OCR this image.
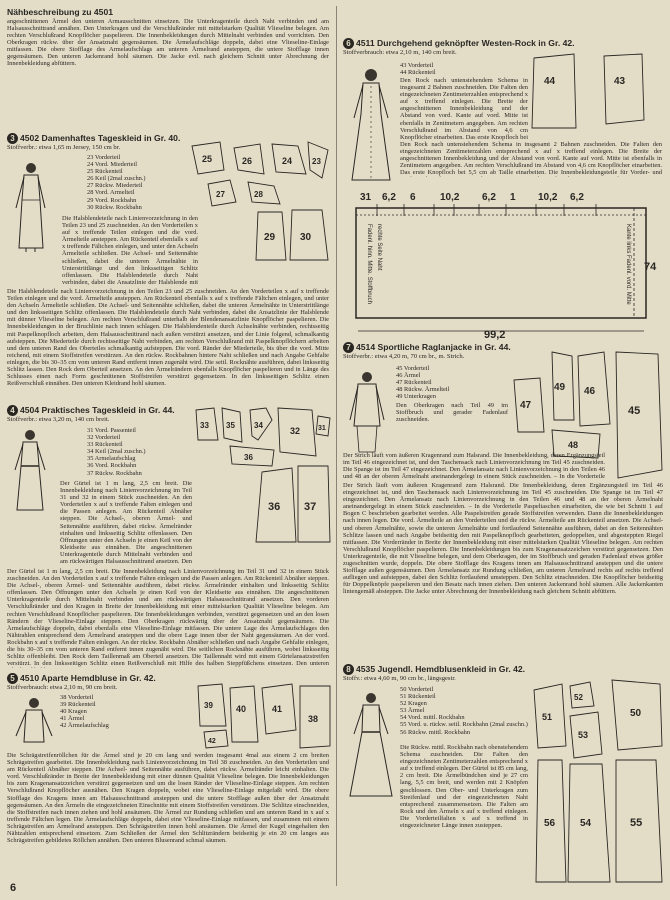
Nähbeschreibung zu 4501

angeschnittenen Ärmel den unteren Armausschnitten einsetzen. Die Unterkragenteile durch Naht verbinden und am Halsausschnittrand annähen. Den Unterkragen und die Verschlußränder mit mittelstarken Qualität Vlieseline belegen. Am rechten Verschlußrand Knopflöcher paspelieren. Die Innenbekleidungen durch Mittelnaht verbinden und vorrichten. Den Oberkragen rückw. über der Ansatznaht gegensäumen. Die Ärmelaufschläge doppeln, dabei eine Vlieseline-Einlage mitfassen. Die obere Stofflage des Armelaufschlags am unteren Ärmelrand ansteppen, die untere Stofflage innen gegensäumen. Den unteren Jackenrand hohl säumen. Die Jacke evtl. nach gleichem Schnitt unter Abrechnung der Innenbekleidung abfüttern.

3 4502 Damenhaftes Tageskleid in Gr. 40.

Stoffverbr.: etwa 1,65 m Jersey, 150 cm br.

23 Vorderteil
24 Vord. Miederteil
25 Rückenteil
26 Keil (2mal zuschn.)
27 Rückw. Miederteil
28 Vord. Armelteil
29 Vord. Rockbahn
30 Rückw. Rockbahn
25	26	24 23
27	28
29 30

Die Halsblendeteile nach Linienvorzeichnung in den Teilen 23 und 25 zuschneiden. An den Vorderteilen x auf x treffende Teilen einlegen und die vord. Ärmelteile ansteppen. Am Rückenteil ebenfalls x auf x treffende Fältchen einlegen, und unter den Achseln Ärmelteile schließen. Die Achsel- und Seitennähte schließen, dabei die unteren Ärmelnähte in Unterstrittlänge und den linksseitigen Schlitz offenlassen. Die Halsblendeteile durch Naht verbinden, dabei die Ansatzlinie der Halsblende mit

Die Halsblendeteile nach Linienvorzeichnung in den Teilen 23 und 25 zuschneiden. An den Vorderteilen x auf x treffende Teilen einlegen und die vord. Ärmelteile ansteppen. Am Rückenteil ebenfalls x auf x treffende Fältchen einlegen, und unter den Achseln Ärmelteile schließen. Die Achsel- und Seitennähte schließen, dabei die unteren Ärmelnähte in Unterstrittlänge und den linksseitigen Schlitz offenlassen. Die Halsblendeteile durch Naht verbinden, dabei die Ansatzlinie der Halsblende mit dünner Vlieseline belegen. Am rechten Verschlußrand unterhalb der Blendenansatzlinie Knopflöcher paspelieren. Die Innenbekleidungen in der Bruchlinie nach innen schlagen. Die Halsblendenteile durch Achselnähte verbinden, rechtsseitig mit Paspelknopfloch arbeiten, dem Halsausschnittrand nach außen verstürzt ansetzen, und der Linie folgend, schmalkantig aufsteppen. Die Miederteile durch rechtsseitige Naht verbinden, am rechten Verschlußrand mit Paspelknopflöchern arbeiten und dem unteren Rand des Oberteiles schmalkantig aufsteppen. Die vord. Ränder der Miederteile, bis über die vord. Mitte reichend, mit einem Stoffstreifen verstürzen. An den rückw. Rockbahnen hintere Naht schließen und nach Angabe Gehfalte einlegen, die bis 30–35 cm vom unteren Rand entfernt innen zugenäht wird. Die seitl. Rocknähte ausführen, dabei linksseitig Schlitz lassen. Den Rock dem Oberteil ansetzen. An den Ärmelrändern ebenfalls Knopflöcher paspelieren und in Länge des Schlusses einen nach Form geschnittenen Stoffstreifen verstürzt gegensetzen. In den linksseitigen Schlitz einen Reißverschluß einnähen. Den unteren Kleidrand hohl säumen.

4 4504 Praktisches Tageskleid in Gr. 44.

Stoffverbr.: etwa 3,20 m, 140 cm breit.

31 Vord. Passenteil
32 Vorderteil
33 Rückenteil
34 Keil (2mal zuschn.)
35 Armelaufschlag
36 Vord. Rockbahn
37 Rückw. Rockbahn
33 35 34
32	31
36
36 37

Der Gürtel ist 1 m lang, 2,5 cm breit. Die Innenbekleidung nach Linienvorzeichnung im Teil 31 und 32 in einem Stück zuschneiden. An den Vorderteilen x auf x treffende Falten einlegen und die Passen anlegen. Am Rückenteil Abnäher steppen. Die Achsel-, oberen Ärmel- und Seitennähte ausführen, dabei rückw. Ärmelränder einhalten und linksseitig Schlitz offenlassen. Den Öffnungen unter den Achseln je einen Keil von der Kleidseite aus einnähen. Die angeschnittenen Unterkragenteile durch Mittelnaht verbinden und am rückwärtigen Halsausschnittrand ansetzen. Den

Der Gürtel ist 1 m lang, 2,5 cm breit. Die Innenbekleidung nach Linienvorzeichnung im Teil 31 und 32 in einem Stück zuschneiden. An den Vorderteilen x auf x treffende Falten einlegen und die Passen anlegen. Am Rückenteil Abnäher steppen. Die Achsel-, oberen Ärmel- und Seitennähte ausführen, dabei rückw. Ärmelränder einhalten und linksseitig Schlitz offenlassen. Den Öffnungen unter den Achseln je einen Keil von der Kleidseite aus einnähen. Die angeschnittenen Unterkragenteile durch Mittelnaht verbinden und am rückwärtigen Halsausschnittrand ansetzen. Den vorderen Verschlußränder und den Kragen in Breite der Innenbekleidung mit einer mittelstarken Qualität Vlieseline belegen. Am rechten Verschlußrand Knopflöcher paspelieren. Die Innenbekleidungen verbinden, verstürzt gegensetzen und an den losen Rändern der Vlieseline-Einlage steppen. Den Oberkragen rückwärtig über der Ansatznaht gegensäumen. Die Ärmelaufschläge doppeln, dabei ebenfalls eine Vlieseline-Einlage mitfassen. Die untere Lage des Ärmelaufschlages den Nähtrahlen entsprechend dem Ärmelrand ansteppen und die obere Lage innen über der Naht gegensäumen. An der vord. Rockbahn x auf x treffende Falten einlegen. An der rückw. Rockbahn Abnäher schließen und nach Angabe Gehfalte einlegen, die bis 30–35 cm vom unteren Rand entfernt innen zugenäht wird. Die seitlichen Rocknähte ausführen, wobei linksseitig Schlitz offenbleibt. Den Rock dem Taillenmaß am Oberteil ansetzen. Die Taillennaht wird mit einem Gürtelansatzstreifen verstürzt. In den linksseitigen Schlitz einen Reißverschluß mit Hilfe des halben Steppfüßchens einsetzen. Den unteren

5 4510 Aparte Hemdbluse in Gr. 42.

Stoffverbrauch: etwa 2,10 m, 90 cm breit.

38 Vorderteil
39 Rückenteil
40 Kragen
41 Ärmel
42 Ärmelaufschlag
39	40	41
38
42

Die Schrägstreifenröllchen für die Ärmel sind je 20 cm lang und werden insgesamt 4mal aus einem 2 cm breiten Schrägstreifen gearbeitet. Die Innenbekleidung nach Linienvorzeichnung im Teil 38 zuschneiden. An den Vorderteilen und am Rückenteil Abnäher steppen. Die Achsel- und Seitennähte ausführen, dabei rückw. Ärmelränder leicht einhalten. Die vord. Verschlußränder in Breite der Innenbekleidung mit einer dünnen Qualität Vlieseline belegen. Die Innenbekleidungen bis zum Kragenansatzzeichen verstürzt gegensetzen und um die losen Ränder der Vlieseline-Einlage steppen. Am rechten Verschlußrand Knopflöcher ausnähen. Den Kragen doppeln, wobei eine Vlieseline-Einlage mitgefaßt wird. Die obere Stofflage des Kragens innen am Halsausschnittrand ansteppen und die untere Stofflage außen über der Ansatznaht gegensäumen. An den Ärmeln die eingezeichneten Einschnitte mit einem Stoffstreifen verstürzen. Die Schlitze einschneiden, die Stoffstreifen nach innen ziehen und hohl ansäumen. Die Ärmel zur Rundung schließen und am unteren Rand in x auf x treffende Fältchen legen. Die Ärmelaufschläge doppeln, dabei eine Vlieseline-Einlage mitfassen, und zusammen mit einem Schrägstreifen am Ärmelrand ansteppen. Den Schrägstreifen innen hohl ansäumen. Die Ärmel der Kugel eingehalten den Nähtzahlen entsprechend einsetzen. Zum Schließen der Ärmel den Schlitzrändern beidseitig je ein 20 cm langes aus Schrägstreifen gebildetes Röllchen annähen. Den unteren Blusenrand schmal säumen.

6
6 4511 Durchgehend geknöpfter Westen-Rock in Gr. 42.

Stoffverbrauch: etwa 2,10 m, 140 cm breit.

43 Vorderteil
44 Rückenteil
44	43

Den Rock nach untenstehendem Schema in insgesamt 2 Bahnen zuschneiden. Die Falten den eingezeichneten Zentimeterzahlen entsprechend x auf x treffend einlegen. Die Breite der angeschnittenen Innenbekleidung und der Abstand von vord. Kante auf vord. Mitte ist ebenfalls in Zentimetern angegeben. Am rechten Verschlußrand im Abstand von 4,6 cm Knopflöcher einarbeiten. Das erste Knopfloch bei

Den Rock nach untenstehendem Schema in insgesamt 2 Bahnen zuschneiden. Die Falten den eingezeichneten Zentimeterzahlen entsprechend x auf x treffend einlegen. Die Breite der angeschnittenen Innenbekleidung und der Abstand von vord. Kante auf vord. Mitte ist ebenfalls in Zentimetern angegeben. Am rechten Verschlußrand im Abstand von 4,6 cm Knopflöcher einarbeiten. Das erste Knopfloch bei 5,5 cm ab Taille einarbeiten. Die Innenbekleidungsteile für Vorder- und

31 6,2 6 10,2 6,2 1 10,2 6,2
74
99,2
Fadenl. hinn. Mitte. Stoffbruch rechte Seite Naht	Kante links Fadenl. vord. Mitte
7 4514 Sportliche Raglanjacke in Gr. 44.

Stoffverbr.: etwa 4,20 m, 70 cm br., m. Strich.

45 Vorderteil
46 Ärmel
47 Rückenteil
48 Rückw. Ärmelteil
49 Unterkragen

Den Oberkragen nach Teil 49 im Stoffbruch und gerader Fadenlauf zuschneiden.

47
49 46
45
48

Der Strich läuft vom äußeren Kragenrand zum Halsrand. Die Innenbekleidung, deren Ergänzungsteil im Teil 46 eingezeichnet ist, und den Taschensack nach Linienvorzeichnung im Teil 45 zuschneiden. Die Spange ist im Teil 47 eingezeichnet. Den Ärmelansatz nach Linienvorzeichnung in den Teilen 46 und 48 an der oberen Ärmelnaht aneinandergelegt in einem Stück zuschneiden. – In die Vorderteile

Der Strich läuft vom äußeren Kragenrand zum Halsrand. Die Innenbekleidung, deren Ergänzungsteil im Teil 46 eingezeichnet ist, und den Taschensack nach Linienvorzeichnung im Teil 45 zuschneiden. Die Spange ist im Teil 47 eingezeichnet. Den Ärmelansatz nach Linienvorzeichnung in den Teilen 46 und 48 an der oberen Ärmelnaht aneinandergelegt in einem Stück zuschneiden. – In die Vorderteile Paspeltaschen einarbeiten, die wie bei Schnitt 1 auf Bogen C beschrieben gearbeitet werden. Alle Paspelstreifen gerade Stoffstreifen verwenden. Dann die Innenbekleidungen nach innen legen. Die vord. Ärmelteile an den Vorderteilen und die rückw. Ärmelteile am Rückenteil ansetzen. Die Achsel- und oberen Ärmelnähte, sowie die unteren Ärmelnähte und fortlaufend Seitennähte ausführen, dabei an den Seitennähten Schlitze lassen und nach Angabe beidseitig den mit Paspelknopfloch gearbeiteten, gedoppelten, und abgesteppten Riegel mitfassen. Die Vorderränder in Breite der Innenbekleidung mit einer mittelstarken Qualität Vlieseline belegen. Am rechten Verschlußrand Knopflöcher paspelieren. Die Innenbekleidungen bis zum Kragenansatzzeichen verstürzt gegensetzen. Den Unterkragenteile, die mit Vlieseline belegen, und dem Oberkragen, der im Stoffbruch und geraden Fadenlauf etwas größer zugeschnitten wurde, doppeln. Die obere Stofflage des Kragens innen am Halsausschnittrand ansteppen und die untere Stofflage außen gegensäumen. Den Ärmelansatz zur Rundung schließen, am unteren Ärmelrand rechts auf rechts treffend aufliegen und aufsteppen, dabei den Schlitz fortlaufend umsteppen. Den Schlitz einschneiden. Die Knopflöcher beidseitig für Doppelknöpfe paspelieren und den Besatz nach innen ziehen. Den unteren Jackenrand hohl säumen. Alle Jackenkanten lintengemäß absteppen. Die Jacke unter Abrechnung der Innenbekleidung nach gleichem Schnitt abfüttern.

8 4535 Jugendl. Hemdblusenkleid in Gr. 42.

Stoffv.: etwa 4,60 m, 90 cm br., längsgestr.

50 Vorderteil
51 Rückenteil
52 Kragen
53 Ärmel
54 Vord. mittl. Rockbahn
55 Vord. u. rückw. seitl. Rockbahn (2mal zuschn.)
56 Rückw. mittl. Rockbahn

Die Rückw. mittl. Rockbahn nach obenstehendem Schema zuschneiden. Die Falten den eingezeichneten Zentimeterzahlen entsprechend x auf x treffend einlegen. Der Gürtel ist 85 cm lang, 2 cm breit. Die Ärmelbündchen sind je 27 cm lang, 5,5 cm breit, und werden mit 2 Knöpfen geschlossen. Den Ober- und Unterkragen zum Streifenlauf und der eingezeichneten Naht entsprechend zusammensetzen. Die Falten am Rock und den Ärmeln x auf x treffend einlegen. Die Vorderteilfalten x auf x treffend in eingezeichneter Länge innen zusteppen.

51
52
53
50
56 54	55
